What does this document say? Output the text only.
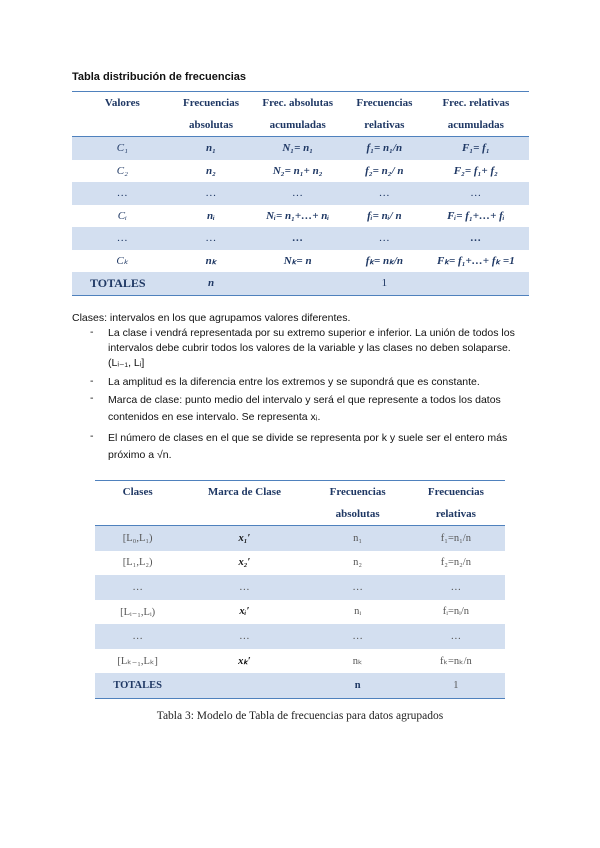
Tabla distribución de frecuencias
Valores	Frecuencias	Frec. absolutas	Frecuencias	Frec. relativas
	absolutas	acumuladas	relativas	acumuladas
C₁	n₁	N₁= n₁	f₁= n₁/n	F₁= f₁
C₂	n₂	N₂= n₁+ n₂	f₂= n₂/ n	F₂= f₁+ f₂
…	…	…	…	…
Cᵢ	nᵢ	Nᵢ= n₁+…+ nᵢ	fᵢ= nᵢ/ n	Fᵢ= f₁+…+ fᵢ
…	…	…	…	…
Cₖ	nₖ	Nₖ= n	fₖ= nₖ/n	Fₖ= f₁+…+ fₖ =1
TOTALES	n		1	
Clases: intervalos en los que agrupamos valores diferentes.
- La clase i vendrá representada por su extremo superior e inferior. La unión de todos los intervalos debe cubrir todos los valores de la variable y las clases no deben solaparse. (Lᵢ₋₁, Lᵢ]
- La amplitud es la diferencia entre los extremos y se supondrá que es constante.
- Marca de clase: punto medio del intervalo y será el que represente a todos los datos contenidos en ese intervalo. Se representa xᵢ.
- El número de clases en el que se divide se representa por k y suele ser el entero más próximo a √n.
Clases	Marca de Clase	Frecuencias	Frecuencias
		absolutas	relativas
[L₀,L₁)	x₁′	n₁	f₁=n₁/n
[L₁,L₂)	x₂′	n₂	f₂=n₂/n
…	…	…	…
[Lᵢ₋₁,Lᵢ)	xᵢ′	nᵢ	fᵢ=nᵢ/n
…	…	…	…
[Lₖ₋₁,Lₖ]	xₖ′	nₖ	fₖ=nₖ/n
TOTALES		n	1
Tabla 3: Modelo de Tabla de frecuencias para datos agrupados
